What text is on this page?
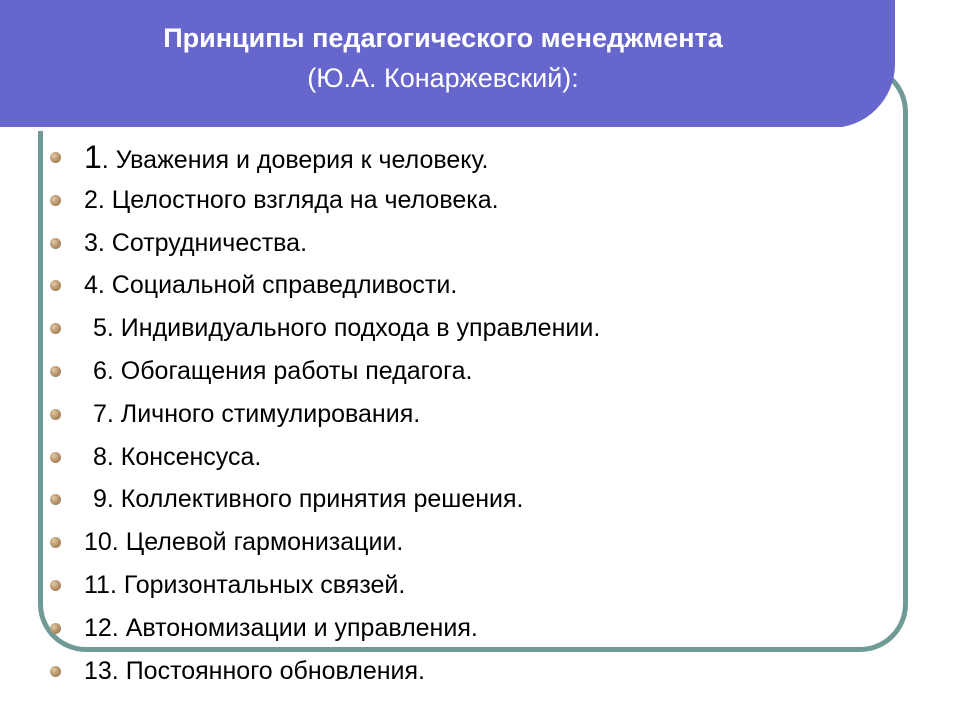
Принципы педагогического менеджмента
(Ю.А. Конаржевский):
1. Уважения и доверия к человеку.
2. Целостного взгляда на человека.
3. Сотрудничества.
4. Социальной справедливости.
5. Индивидуального подхода в управлении.
6. Обогащения работы педагога.
7. Личного стимулирования.
8. Консенсуса.
9. Коллективного принятия решения.
10. Целевой гармонизации.
11. Горизонтальных связей.
12. Автономизации и управления.
13. Постоянного обновления.
